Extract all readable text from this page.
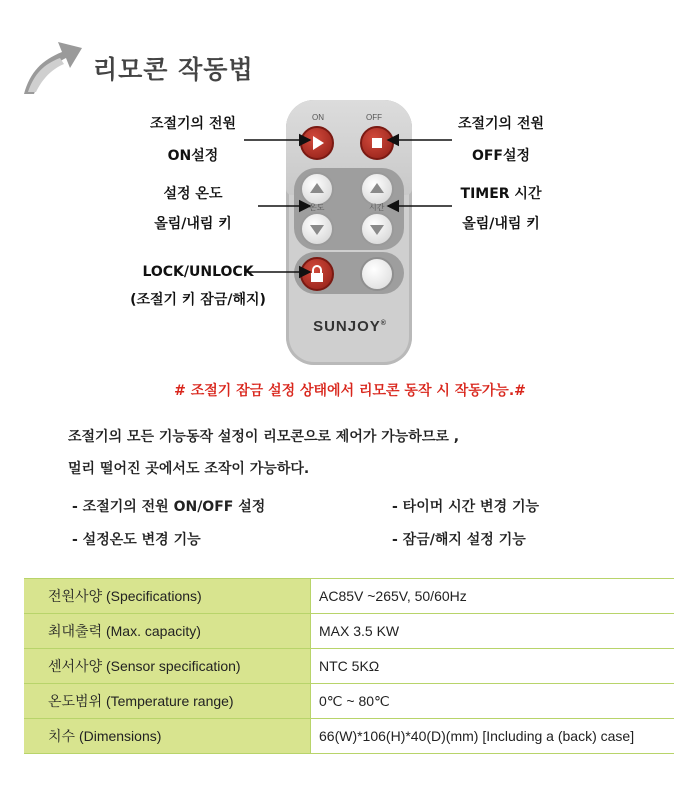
리모콘 작동법
ON	OFF
온도	시간
SUNJOY®
조절기의 전원
ON설정
조절기의 전원
OFF설정
설정 온도
올림/내림 키
TIMER 시간
올림/내림 키
LOCK/UNLOCK
(조절기 키 잠금/해지)
# 조절기 잠금 설정 상태에서 리모콘 동작 시 작동가능.#
조절기의 모든 기능동작 설정이 리모콘으로 제어가 가능하므로 ,
멀리 떨어진 곳에서도 조작이 가능하다.
- 조절기의 전원 ON/OFF 설정
- 설정온도 변경 기능
- 타이머 시간 변경 기능
- 잠금/해지 설정 기능
전원사양 (Specifications)	AC85V ~265V, 50/60Hz
최대출력 (Max. capacity)	MAX 3.5 KW
센서사양 (Sensor specification)	NTC 5KΩ
온도범위 (Temperature range)	0℃ ~ 80℃
치수 (Dimensions)	66(W)*106(H)*40(D)(mm) [Including a (back) case]
